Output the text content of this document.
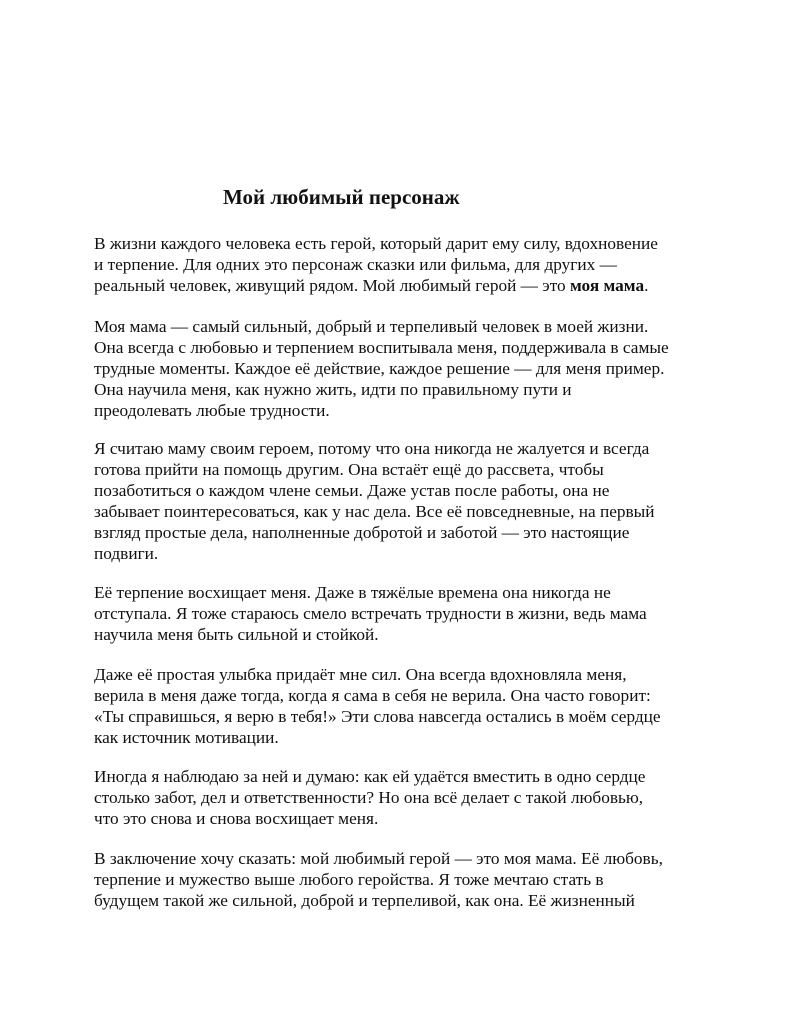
Мой любимый персонаж

В жизни каждого человека есть герой, который дарит ему силу, вдохновение
и терпение. Для одних это персонаж сказки или фильма, для других —
реальный человек, живущий рядом. Мой любимый герой — это моя мама.

Моя мама — самый сильный, добрый и терпеливый человек в моей жизни.
Она всегда с любовью и терпением воспитывала меня, поддерживала в самые
трудные моменты. Каждое её действие, каждое решение — для меня пример.
Она научила меня, как нужно жить, идти по правильному пути и
преодолевать любые трудности.

Я считаю маму своим героем, потому что она никогда не жалуется и всегда
готова прийти на помощь другим. Она встаёт ещё до рассвета, чтобы
позаботиться о каждом члене семьи. Даже устав после работы, она не
забывает поинтересоваться, как у нас дела. Все её повседневные, на первый
взгляд простые дела, наполненные добротой и заботой — это настоящие
подвиги.

Её терпение восхищает меня. Даже в тяжёлые времена она никогда не
отступала. Я тоже стараюсь смело встречать трудности в жизни, ведь мама
научила меня быть сильной и стойкой.

Даже её простая улыбка придаёт мне сил. Она всегда вдохновляла меня,
верила в меня даже тогда, когда я сама в себя не верила. Она часто говорит:
«Ты справишься, я верю в тебя!» Эти слова навсегда остались в моём сердце
как источник мотивации.

Иногда я наблюдаю за ней и думаю: как ей удаётся вместить в одно сердце
столько забот, дел и ответственности? Но она всё делает с такой любовью,
что это снова и снова восхищает меня.

В заключение хочу сказать: мой любимый герой — это моя мама. Её любовь,
терпение и мужество выше любого геройства. Я тоже мечтаю стать в
будущем такой же сильной, доброй и терпеливой, как она. Её жизненный
